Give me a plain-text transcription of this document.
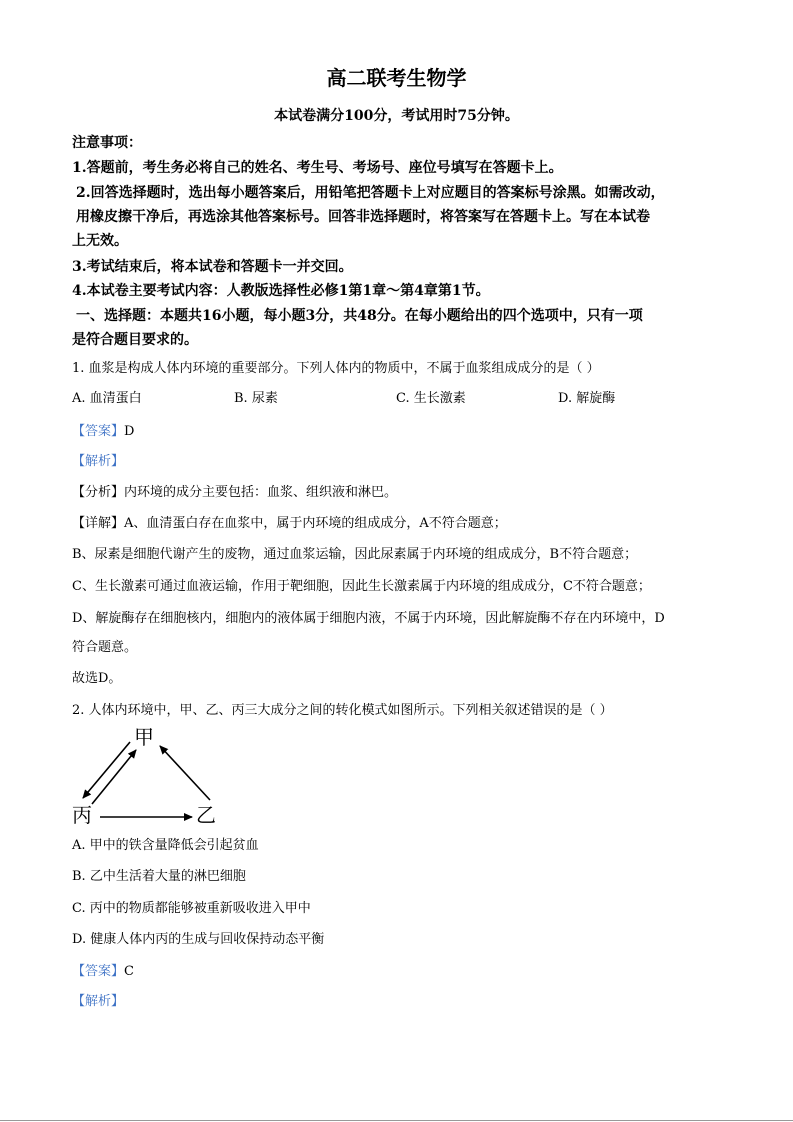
高二联考生物学
本试卷满分100分，考试用时75分钟。
注意事项：
1.答题前，考生务必将自己的姓名、考生号、考场号、座位号填写在答题卡上。
2.回答选择题时，选出每小题答案后，用铅笔把答题卡上对应题目的答案标号涂黑。如需改动，
用橡皮擦干净后，再选涂其他答案标号。回答非选择题时，将答案写在答题卡上。写在本试卷
上无效。
3.考试结束后，将本试卷和答题卡一并交回。
4.本试卷主要考试内容：人教版选择性必修1第1章～第4章第1节。
一、选择题：本题共16小题，每小题3分，共48分。在每小题给出的四个选项中，只有一项
是符合题目要求的。
1. 血浆是构成人体内环境的重要部分。下列人体内的物质中，不属于血浆组成成分的是（ ）
A. 血清蛋白	B. 尿素	C. 生长激素	D. 解旋酶
【答案】D
【解析】
【分析】内环境的成分主要包括：血浆、组织液和淋巴。
【详解】A、血清蛋白存在血浆中，属于内环境的组成成分，A不符合题意；
B、尿素是细胞代谢产生的废物，通过血浆运输，因此尿素属于内环境的组成成分，B不符合题意；
C、生长激素可通过血液运输，作用于靶细胞，因此生长激素属于内环境的组成成分，C不符合题意；
D、解旋酶存在细胞核内，细胞内的液体属于细胞内液，不属于内环境，因此解旋酶不存在内环境中，D
符合题意。
故选D。
2. 人体内环境中，甲、乙、丙三大成分之间的转化模式如图所示。下列相关叙述错误的是（ ）
甲
丙	乙
A. 甲中的铁含量降低会引起贫血
B. 乙中生活着大量的淋巴细胞
C. 丙中的物质都能够被重新吸收进入甲中
D. 健康人体内丙的生成与回收保持动态平衡
【答案】C
【解析】
